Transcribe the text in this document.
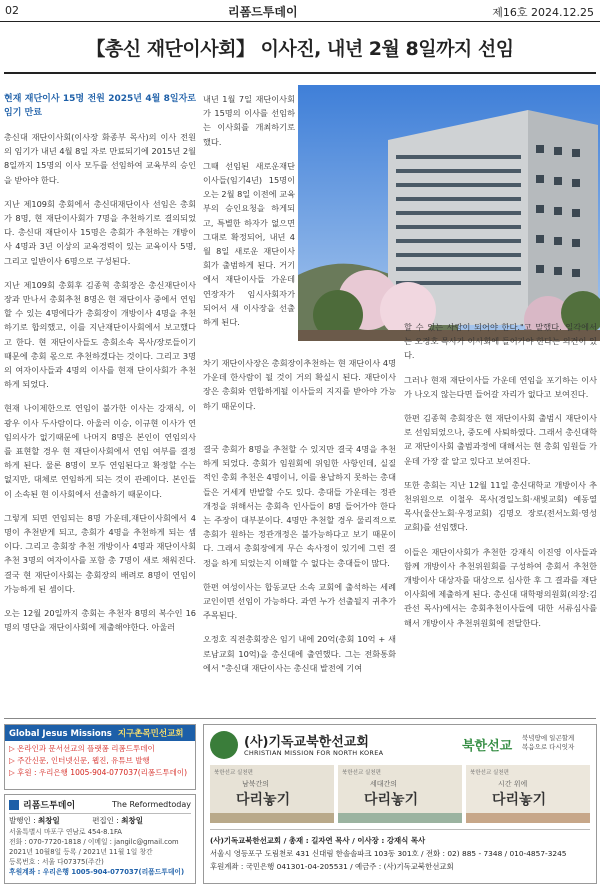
02	리폼드투데이	제16호 2024.12.25
【총신 재단이사회】 이사진, 내년 2월 8일까지 선임
현재 재단이사 15명 전원 2025년 4월 8일자로 임기 만료

총신대 재단이사회(이사장 화종부 목사)의 이사 전원의 임기가 내년 4월 8일 자로 만료되기에 2015년 2월 8일까지 15명의 이사 모두를 선임하여 교육부의 승인을 받아야 한다.

지난 제109회 총회에서 총신대재단이사 선임은 총회가 8명, 현 재단이사회가 7명을 추천하기로 결의되었다. 총신대 재단이사 15명은 총회가 추천하는 개방이사 4명과 3년 이상의 교육경력이 있는 교육이사 5명, 그리고 일반이사 6명으로 구성된다.

지난 제109회 총회후 김종혁 총회장은 총신재단이사장과 만나서 총회추천 8명은 현 재단이사 중에서 연임할 수 있는 4명에다가 총회장이 개방이사 4명을 추천하기로 합의했고, 이를 지난재단이사회에서 보고했다고 한다. 현 재단이사들도 총회소속 목사/장로들이기 때문에 총회 몫으로 추천하겠다는 것이다. 그리고 3명의 여자이사들과 4명의 이사를 현재 단이사회가 추천하게 되었다.

현재 나이제한으로 연임이 불가한 이사는 강재식, 이광우 이사 두사람이다. 아울러 이승, 이규현 이사가 연임의사가 없기때문에 나머지 8명은 본인이 연임의사를 표현할 경우 현 재단이사회에서 연임 여부를 결정하게 된다. 물론 8명이 모두 연임된다고 확정할 수는 없지만, 대체로 연임하게 되는 것이 관례이다. 본인들이 소속된 현 이사회에서 선출하기 때문이다.

그렇게 되면 연임되는 8명 가운데,재단이사회에서 4명이 추천받게 되고, 총회가 4명을 추천하게 되는 셈이다. 그리고 총회장 추천 개방이사 4명과 재단이사회 추천 3명의 여자이사를 포함 총 7명이 새로 채워진다. 결국 현 재단이사회는 총회장의 배려로 8명이 연임이 가능하게 된 셈이다.

오는 12월 20일까지 총회는 추천자 8명의 복수인 16명의 명단을 재단이사회에 제출해야한다. 아울러

내년 1월 7일 재단이사회가 15명의 이사를 선임하는 이사회를 개최하기로 했다.

그때 선임된 새로운재단이사들(임기4년) 15명이 오는 2월 8일 이전에 교육부의 승인요청을 하게되고, 특별한 하자가 없으면 그대로 확정되어, 내년 4월 8일 새로운 재단이사회가 출범하게 된다. 거기에서 재단이사들 가운데 연장자가 임시사회자가 되어서 새 이사장을 선출하게 된다.

차기 재단이사장은 총회장이추천하는 현 재단이사 4명 가운데 한사람이 될 것이 거의 확실시 된다. 재단이사장은 총회와 연합하게될 이사들의 지지를 받아야 가능하기 때문이다.

결국 총회가 8명을 추천할 수 있지만 결국 4명을 추천하게 되었다. 총회가 임원회에 위임한 사항인데, 실질적인 총회 추천은 4명이니, 이를 용납하지 못하는 총대들은 거세게 반발할 수도 있다. 총대들 가운데는 정관개정을 위해서는 총회측 인사들이 8명 들어가야 한다는 주장이 대부분이다. 4명만 추천할 경우 물리적으로 총회가 원하는 정관개정은 불가능하다고 보기 때문이다. 그래서 총회장에게 무슨 속사정이 있기에 그런 결정을 하게 되었는지 이해할 수 없다는 총대들이 많다.

한편 여성이사는 합동교단 소속 교회에 출석하는 세례교인이면 선임이 가능하다. 과연 누가 선출될지 귀추가 주목된다.

오정호 직전총회장은 임기 내에 20억(총회 10억 + 새로남교회 10억)을 총신대에 출연했다. 그는 전화통화에서 "총신대 재단이사는 총신대 발전에 기여

할 수 있는 사람이 되어야 한다."고 말했다. 일각에서는 오정호 목사가 이사회에 들어가야 한다는 의견이 있다.

그러나 현재 재단이사들 가운데 연임을 포기하는 이사가 나오지 않는다면 들어갈 자리가 없다고 보여진다.

한편 김종혁 총회장은 현 재단이사회 출범시 재단이사로 선임되었으나, 중도에 사퇴하였다. 그래서 총신대학교 재단이사회 출범과정에 대해서는 현 총회 임원들 가운데 가장 잘 알고 있다고 보여진다.

또한 총회는 지난 12월 11일 총신대학교 개방이사 추천위원으로 이철우 목사(경일노회·새빛교회) 예동열 목사(울산노회·우정교회) 김명오 장로(전서노회·영성교회)를 선임했다.

이들은 재단이사회가 추천한 강재식 이진영 이사들과 함께 개방이사 추천위원회를 구성하여 총회서 추천한 개방이사 대상자를 대상으로 심사한 후 그 결과를 재단이사회에 제출하게 된다. 총신대 대학평의원회(의장:김관선 목사)에서는 총회추천이사들에 대한 서류심사를 해서 개방이사 추천위원회에 전달한다.

Global Jesus Missions 지구촌목민선교회
▷ 온라인과 문서선교의 플랫폼 리폼드투데이
▷ 주간신문, 인터넷신문, 웹진, 유튜브 발행
▷ 후원 : 우리은행 1005-904-077037(리폼드투데이)
리폼드투데이	The Reformedtoday
발행인 : 최창일	편집인 : 최창일
서울특별시 마포구 연남로 454-8.1FA
전화 : 070-7720-1818 / 이메일 : jangilc@gmail.com
2021년 10월8일 등록 / 2021년 11월 1일 창간
등록번호 : 서울 다07375(주간)
후원계좌 : 우리은행 1005-904-077037(리폼드투데이)
(사)기독교북한선교회
CHRISTIAN MISSION FOR NORTH KOREA	북한선교
북녘땅에 일곤할게
복음으로 다시잇자
북한선교 실천편
남북간의
다리놓기
북한선교 실천편
세대간의
다리놓기
북한선교 실천편
시간 위에
다리놓기
(사)기독교북한선교회 / 총재 : 길자연 목사 / 이사장 : 강재식 목사
서울시 영등포구 도림천로 431 신대림 한솔솔파크 103동 301호 / 전화 : 02) 885 - 7348 / 010-4857-3245
후원계좌 : 국민은행 041301-04-205531 / 예금주 : (사)기독교북한선교회
